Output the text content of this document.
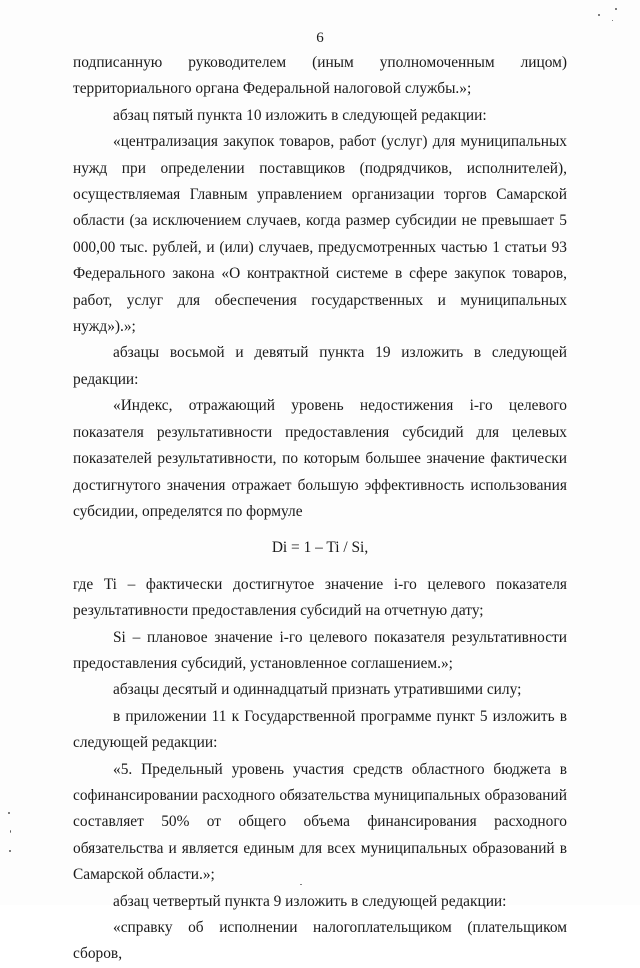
6

подписанную руководителем (иным уполномоченным лицом) территориального органа Федеральной налоговой службы.»;

абзац пятый пункта 10 изложить в следующей редакции:

«централизация закупок товаров, работ (услуг) для муниципальных нужд при определении поставщиков (подрядчиков, исполнителей), осуществляемая Главным управлением организации торгов Самарской области (за исключением случаев, когда размер субсидии не превышает 5 000,00 тыс. рублей, и (или) случаев, предусмотренных частью 1 статьи 93 Федерального закона «О контрактной системе в сфере закупок товаров, работ, услуг для обеспечения государственных и муниципальных нужд»).»;

абзацы восьмой и девятый пункта 19 изложить в следующей редакции:

«Индекс, отражающий уровень недостижения i-го целевого показателя результативности предоставления субсидий для целевых показателей результативности, по которым большее значение фактически достигнутого значения отражает большую эффективность использования субсидии, определятся по формуле

Di = 1 – Ti / Si,

где Ti – фактически достигнутое значение i-го целевого показателя результативности предоставления субсидий на отчетную дату;

Si – плановое значение i-го целевого показателя результативности предоставления субсидий, установленное соглашением.»;

абзацы десятый и одиннадцатый признать утратившими силу;

в приложении 11 к Государственной программе пункт 5 изложить в следующей редакции:

«5. Предельный уровень участия средств областного бюджета в софинансировании расходного обязательства муниципальных образований составляет 50% от общего объема финансирования расходного обязательства и является единым для всех муниципальных образований в Самарской области.»;

абзац четвертый пункта 9 изложить в следующей редакции:

«справку об исполнении налогоплательщиком (плательщиком сборов,
